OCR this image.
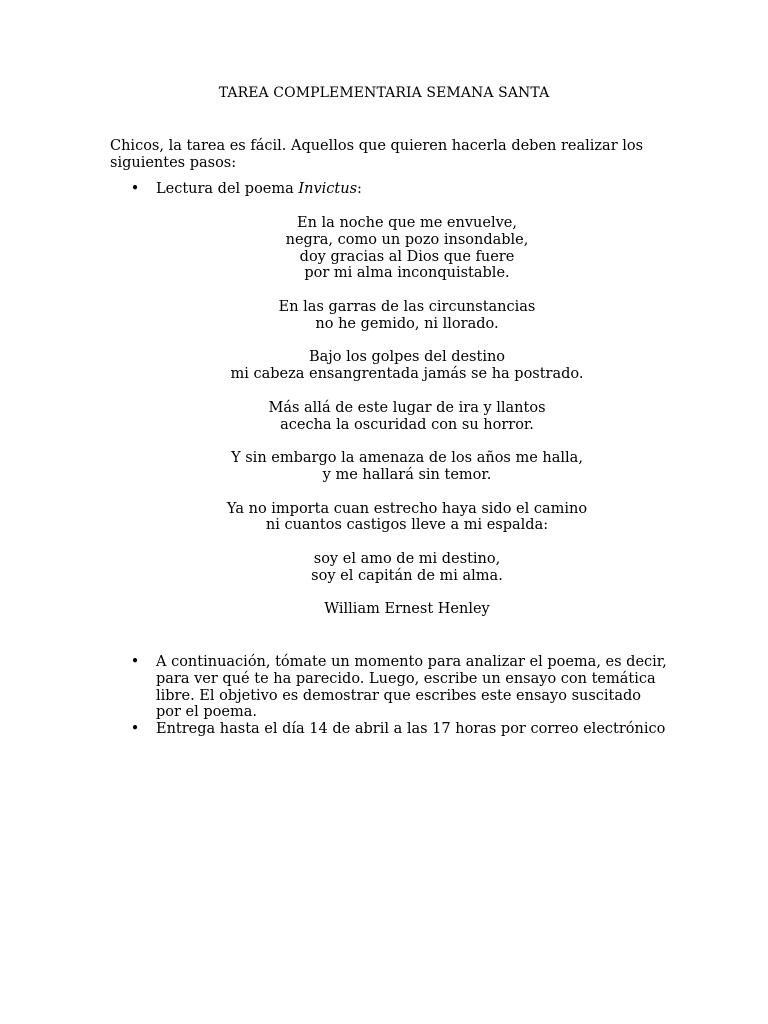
TAREA COMPLEMENTARIA SEMANA SANTA

Chicos, la tarea es fácil. Aquellos que quieren hacerla deben realizar los siguientes pasos:

• Lectura del poema Invictus:
En la noche que me envuelve,
negra, como un pozo insondable,
doy gracias al Dios que fuere
por mi alma inconquistable.
En las garras de las circunstancias
no he gemido, ni llorado.
Bajo los golpes del destino
mi cabeza ensangrentada jamás se ha postrado.
Más allá de este lugar de ira y llantos
acecha la oscuridad con su horror.
Y sin embargo la amenaza de los años me halla,
y me hallará sin temor.
Ya no importa cuan estrecho haya sido el camino
ni cuantos castigos lleve a mi espalda:
soy el amo de mi destino,
soy el capitán de mi alma.
William Ernest Henley
• A continuación, tómate un momento para analizar el poema, es decir, para ver qué te ha parecido. Luego, escribe un ensayo con temática libre. El objetivo es demostrar que escribes este ensayo suscitado por el poema.
• Entrega hasta el día 14 de abril a las 17 horas por correo electrónico
